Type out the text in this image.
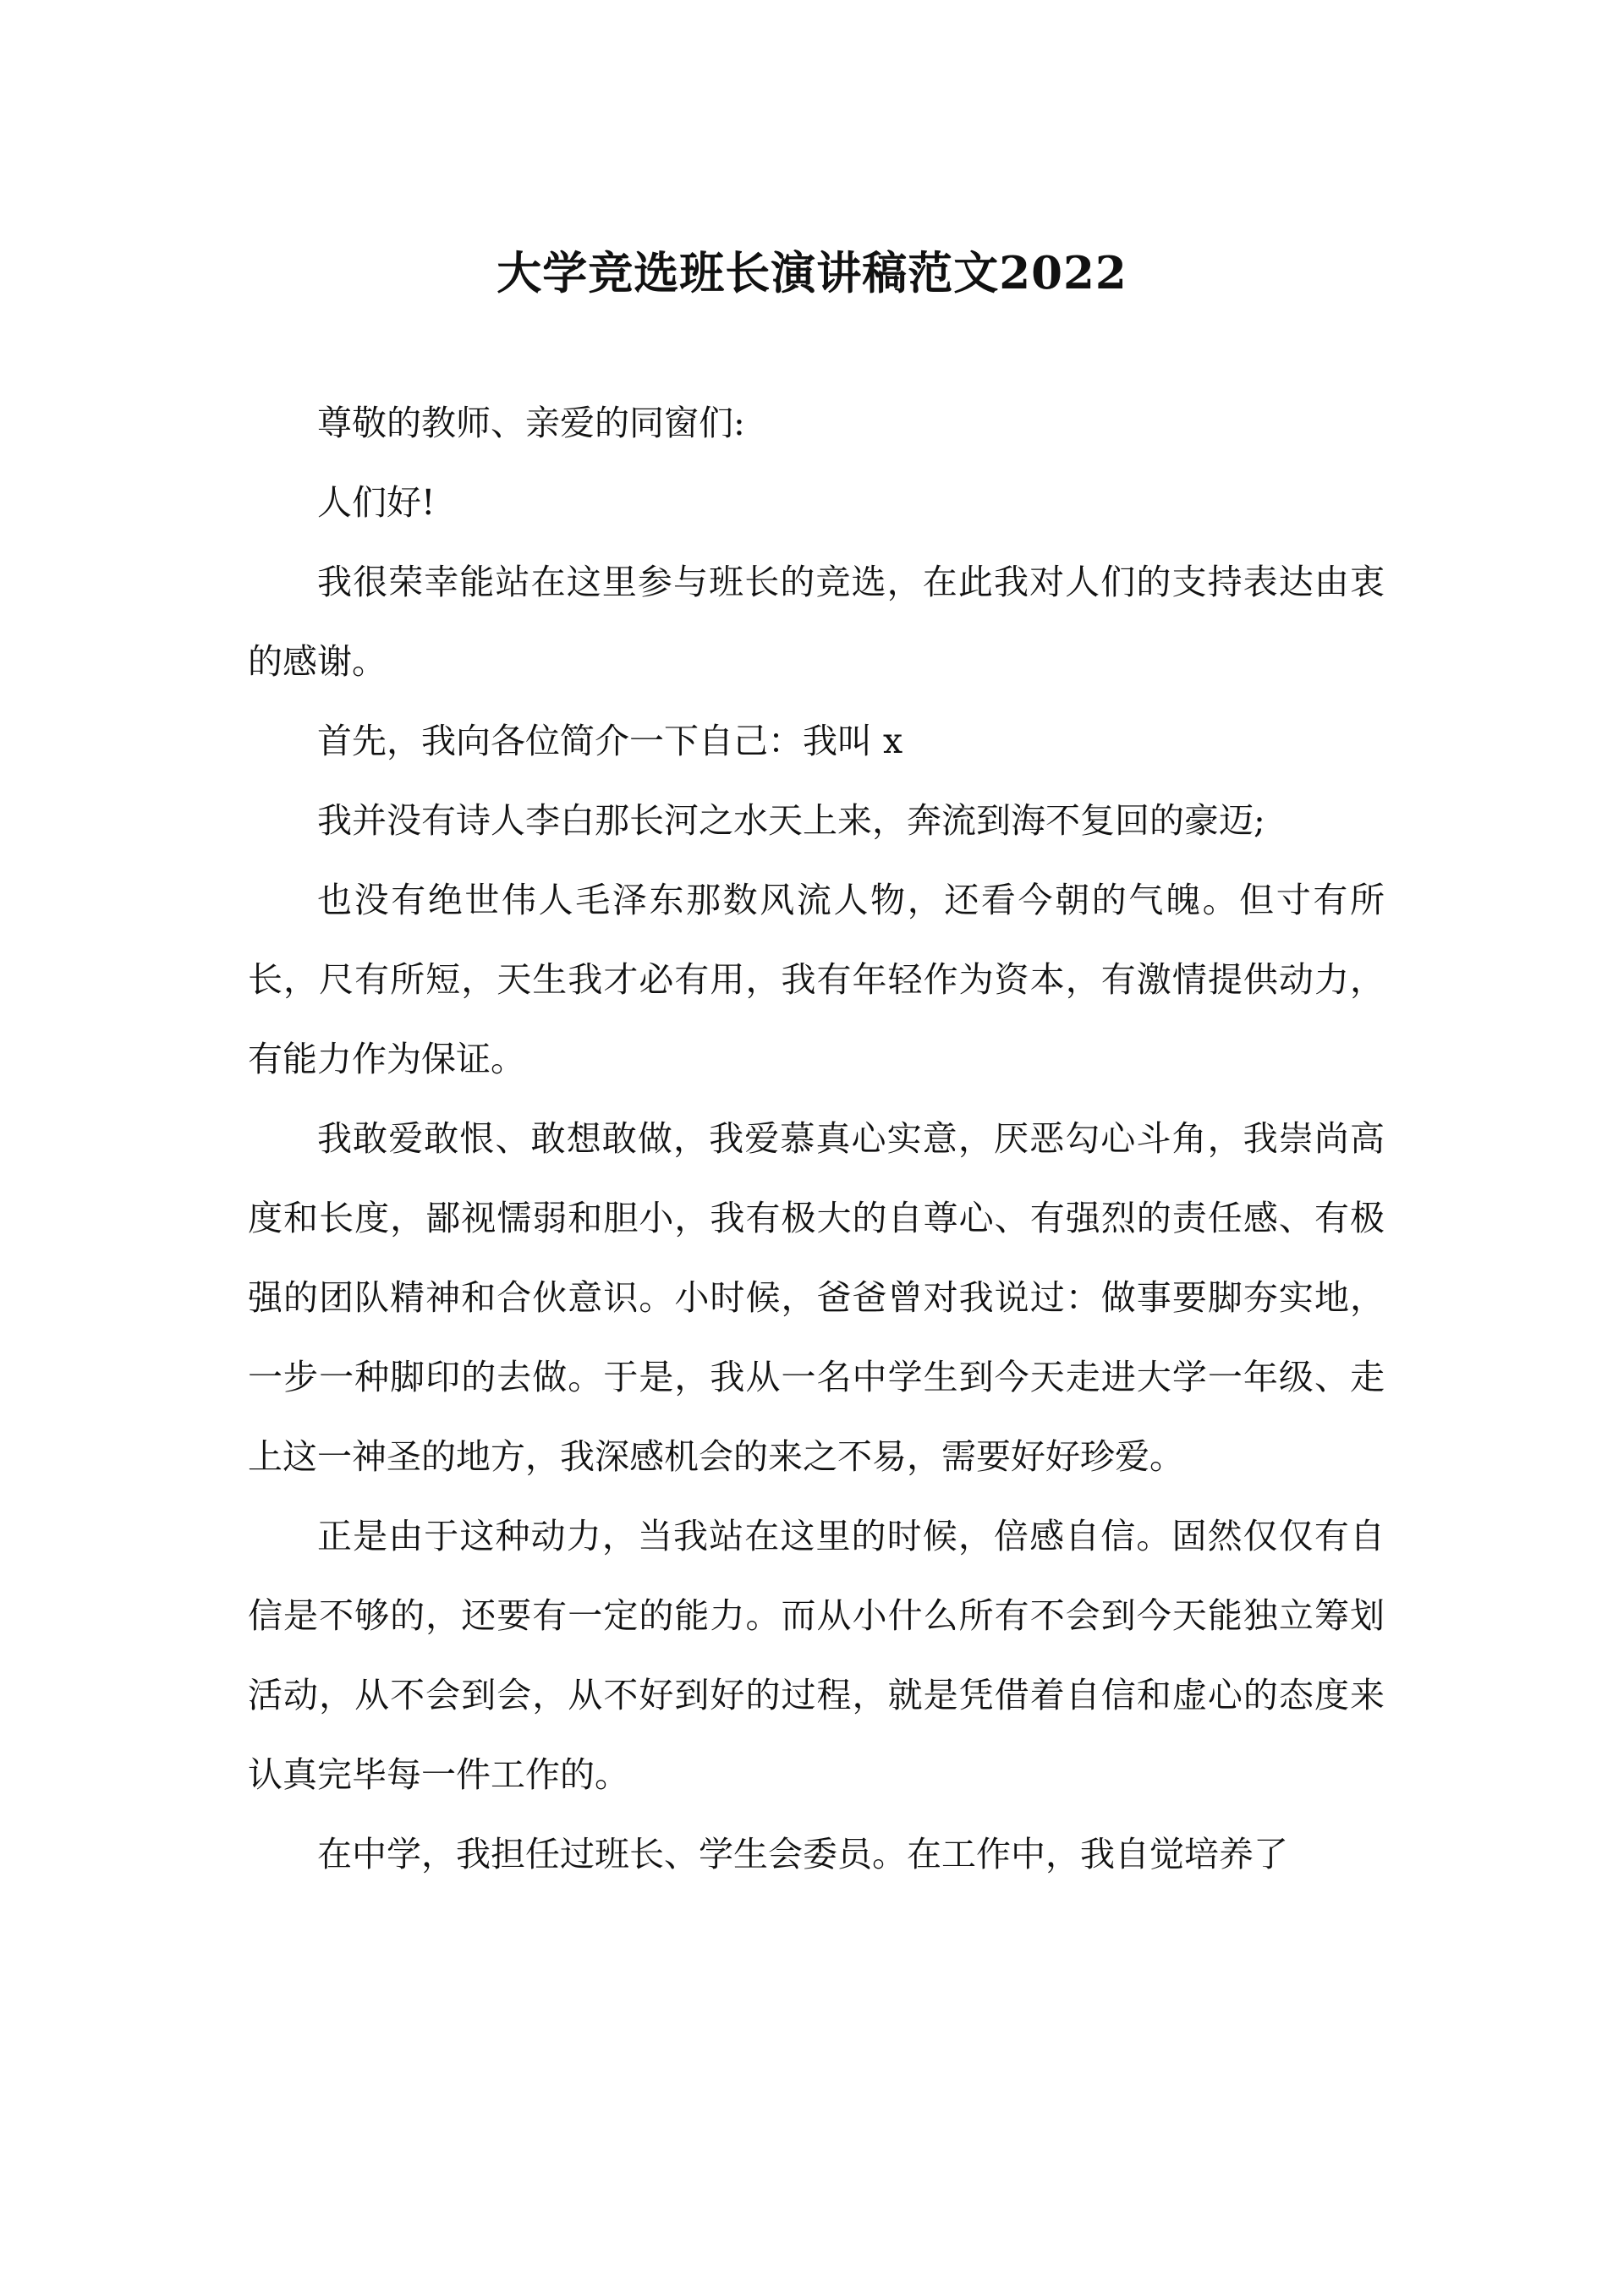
大学竞选班长演讲稿范文2022

尊敬的教师、亲爱的同窗们:

人们好!

我很荣幸能站在这里参与班长的竞选，在此我对人们的支持表达由衷的感谢。

首先，我向各位简介一下自己：我叫 x

我并没有诗人李白那长河之水天上来，奔流到海不复回的豪迈;

也没有绝世伟人毛泽东那数风流人物，还看今朝的气魄。但寸有所长，尺有所短，天生我才必有用，我有年轻作为资本，有激情提供动力，有能力作为保证。

我敢爱敢恨、敢想敢做，我爱慕真心实意，厌恶勾心斗角，我崇尚高度和长度，鄙视懦弱和胆小，我有极大的自尊心、有强烈的责任感、有极强的团队精神和合伙意识。小时候，爸爸曾对我说过：做事要脚夯实地，一步一种脚印的去做。于是，我从一名中学生到今天走进大学一年级、走上这一神圣的地方，我深感机会的来之不易，需要好好珍爱。

正是由于这种动力，当我站在这里的时候，倍感自信。固然仅仅有自信是不够的，还要有一定的能力。而从小什么所有不会到今天能独立筹划活动，从不会到会，从不好到好的过程，就是凭借着自信和虚心的态度来认真完毕每一件工作的。

在中学，我担任过班长、学生会委员。在工作中，我自觉培养了
